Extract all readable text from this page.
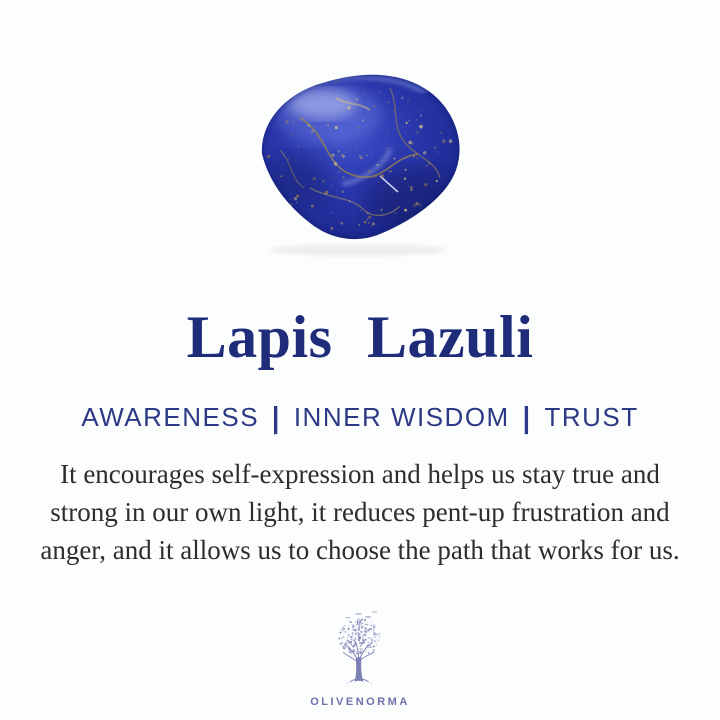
Lapis Lazuli
AWARENESS | INNER WISDOM | TRUST
It encourages self-expression and helps us stay true and
strong in our own light, it reduces pent-up frustration and
anger, and it allows us to choose the path that works for us.
OLIVENORMA
